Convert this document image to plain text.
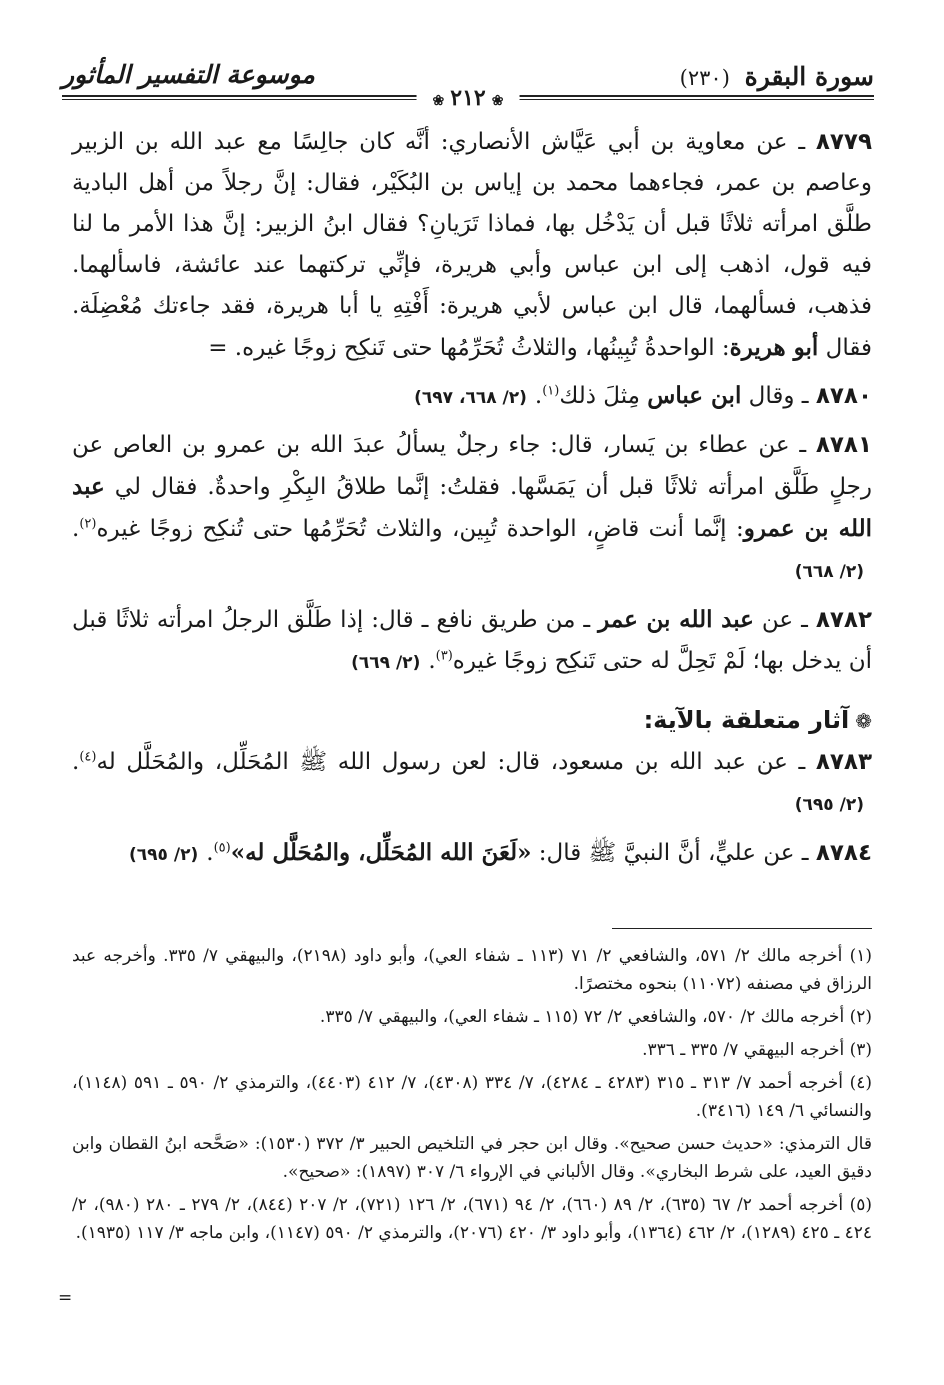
سورة البقرة (٢٣٠)
موسوعة التفسير المأثور
❀٢١٢❀

٨٧٧٩ ـ عن معاوية بن أبي عَيَّاش الأنصاري: أنَّه كان جالِسًا مع عبد الله بن الزبير وعاصم بن عمر، فجاءهما محمد بن إياس بن البُكَيْر، فقال: إنَّ رجلاً من أهل البادية طلَّق امرأته ثلاثًا قبل أن يَدْخُل بها، فماذا تَرَيانِ؟ فقال ابنُ الزبير: إنَّ هذا الأمر ما لنا فيه قول، اذهب إلى ابن عباس وأبي هريرة، فإنِّي تركتهما عند عائشة، فاسألهما. فذهب، فسألهما، قال ابن عباس لأبي هريرة: أَفْتِهِ يا أبا هريرة، فقد جاءتك مُعْضِلَة. فقال أبو هريرة: الواحدةُ تُبِينُها، والثلاثُ تُحَرِّمُها حتى تَنكِح زوجًا غيره. =

٨٧٨٠ ـ وقال ابن عباس مِثلَ ذلك$^{(١)}$.(٢/ ٦٦٨، ٦٩٧)

٨٧٨١ ـ عن عطاء بن يَسار، قال: جاء رجلٌ يسألُ عبدَ الله بن عمرو بن العاص عن رجلٍ طَلَّق امرأته ثلاثًا قبل أن يَمَسَّها. فقلتُ: إنَّما طلاقُ البِكْرِ واحدةٌ. فقال لي عبد الله بن عمرو: إنَّما أنت قاضٍ، الواحدة تُبِين، والثلاث تُحَرِّمُها حتى تُنكِح زوجًا غيره$^{(٢)}$.(٢/ ٦٦٨)

٨٧٨٢ ـ عن عبد الله بن عمر ـ من طريق نافع ـ قال: إذا طَلَّق الرجلُ امرأته ثلاثًا قبل أن يدخل بها؛ لَمْ تَحِلَّ له حتى تَنكِح زوجًا غيره$^{(٣)}$.(٢/ ٦٦٩)

❁آثار متعلقة بالآية:

٨٧٨٣ ـ عن عبد الله بن مسعود، قال: لعن رسول الله ﷺ المُحَلِّل، والمُحَلَّل له$^{(٤)}$.(٢/ ٦٩٥)

٨٧٨٤ ـ عن عليٍّ، أنَّ النبيَّ ﷺ قال: «لَعَنَ الله المُحَلِّل، والمُحَلَّل له»$^{(٥)}$.(٢/ ٦٩٥)

(١) أخرجه مالك ٢/ ٥٧١، والشافعي ٢/ ٧١ (١١٣ ـ شفاء العي)، وأبو داود (٢١٩٨)، والبيهقي ٧/ ٣٣٥. وأخرجه عبد الرزاق في مصنفه (١١٠٧٢) بنحوه مختصرًا.

(٢) أخرجه مالك ٢/ ٥٧٠، والشافعي ٢/ ٧٢ (١١٥ ـ شفاء العي)، والبيهقي ٧/ ٣٣٥.

(٣) أخرجه البيهقي ٧/ ٣٣٥ ـ ٣٣٦.

(٤) أخرجه أحمد ٧/ ٣١٣ ـ ٣١٥ (٤٢٨٣ ـ ٤٢٨٤)، ٧/ ٣٣٤ (٤٣٠٨)، ٧/ ٤١٢ (٤٤٠٣)، والترمذي ٢/ ٥٩٠ ـ ٥٩١ (١١٤٨)، والنسائي ٦/ ١٤٩ (٣٤١٦).

قال الترمذي: «حديث حسن صحيح». وقال ابن حجر في التلخيص الحبير ٣/ ٣٧٢ (١٥٣٠): «صَحَّحه ابنُ القطان وابن دقيق العيد، على شرط البخاري». وقال الألباني في الإرواء ٦/ ٣٠٧ (١٨٩٧): «صحيح».

(٥) أخرجه أحمد ٢/ ٦٧ (٦٣٥)، ٢/ ٨٩ (٦٦٠)، ٢/ ٩٤ (٦٧١)، ٢/ ١٢٦ (٧٢١)، ٢/ ٢٠٧ (٨٤٤)، ٢/ ٢٧٩ ـ ٢٨٠ (٩٨٠)، ٢/ ٤٢٤ ـ ٤٢٥ (١٢٨٩)، ٢/ ٤٦٢ (١٣٦٤)، وأبو داود ٣/ ٤٢٠ (٢٠٧٦)، والترمذي ٢/ ٥٩٠ (١١٤٧)، وابن ماجه ٣/ ١١٧ (١٩٣٥).

=
